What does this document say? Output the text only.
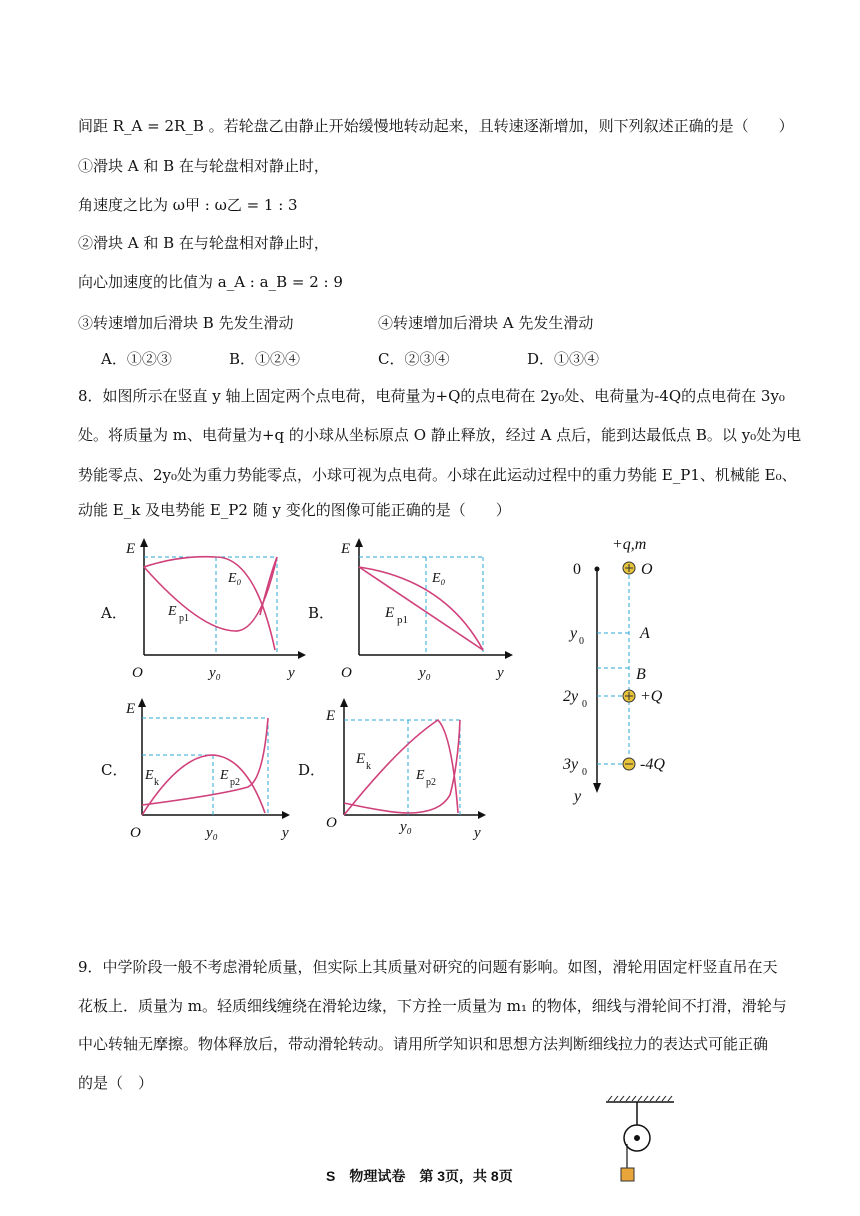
间距 R_A = 2R_B 。若轮盘乙由静止开始缓慢地转动起来，且转速逐渐增加，则下列叙述正确的是（　　）
①滑块 A 和 B 在与轮盘相对静止时，
角速度之比为 ω甲 : ω乙 = 1 : 3
②滑块 A 和 B 在与轮盘相对静止时，
向心加速度的比值为 a_A : a_B = 2 : 9
③转速增加后滑块 B 先发生滑动	④转速增加后滑块 A 先发生滑动
A．①②③	B．①②④	C．②③④	D．①③④
8．如图所示在竖直 y 轴上固定两个点电荷，电荷量为+Q的点电荷在 2y₀处、电荷量为-4Q的点电荷在 3y₀
处。将质量为 m、电荷量为+q 的小球从坐标原点 O 静止释放，经过 A 点后，能到达最低点 B。以 y₀处为电
势能零点、2y₀处为重力势能零点，小球可视为点电荷。小球在此运动过程中的重力势能 E_P1、机械能 E₀、
动能 E_k 及电势能 E_P2 随 y 变化的图像可能正确的是（　　）
A．	B．
C．	D．
E
y
O	y₀
E₀
E p1
E
y
O	y₀
E₀
E p1
E
y
O	y₀
E k	E p2
E
y
O	y₀
E k
E p2
+q,m
0	O
y 0	A
B
2y 0	+Q
3y 0	-4Q
y
9．中学阶段一般不考虑滑轮质量，但实际上其质量对研究的问题有影响。如图，滑轮用固定杆竖直吊在天
花板上．质量为 m。轻质细线缠绕在滑轮边缘，下方拴一质量为 m₁ 的物体，细线与滑轮间不打滑，滑轮与
中心转轴无摩擦。物体释放后，带动滑轮转动。请用所学知识和思想方法判断细线拉力的表达式可能正确
的是（　）
S　物理试卷　第 3页，共 8页
